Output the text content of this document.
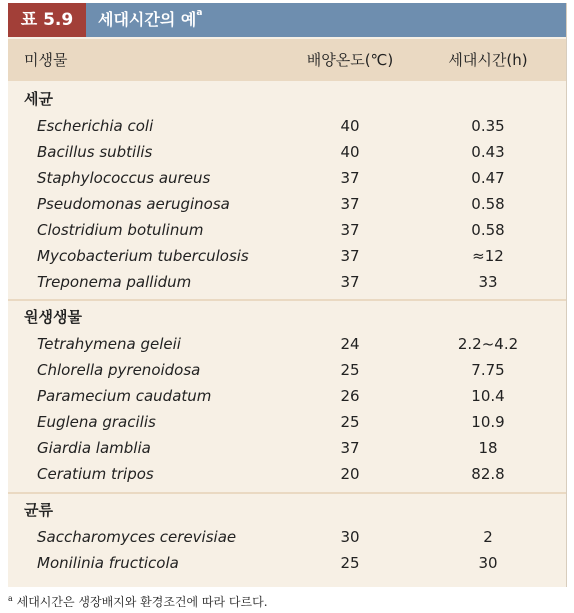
표 5.9	세대시간의 예$^a$
미생물	배양온도(℃)	세대시간(h)
세균
Escherichia coli	40	0.35
Bacillus subtilis	40	0.43
Staphylococcus aureus	37	0.47
Pseudomonas aeruginosa	37	0.58
Clostridium botulinum	37	0.58
Mycobacterium tuberculosis	37	≈12
Treponema pallidum	37	33
원생생물
Tetrahymena geleii	24	2.2~4.2
Chlorella pyrenoidosa	25	7.75
Paramecium caudatum	26	10.4
Euglena gracilis	25	10.9
Giardia lamblia	37	18
Ceratium tripos	20	82.8
균류
Saccharomyces cerevisiae	30	2
Monilinia fructicola	25	30
$^a$ 세대시간은 생장배지와 환경조건에 따라 다르다.
